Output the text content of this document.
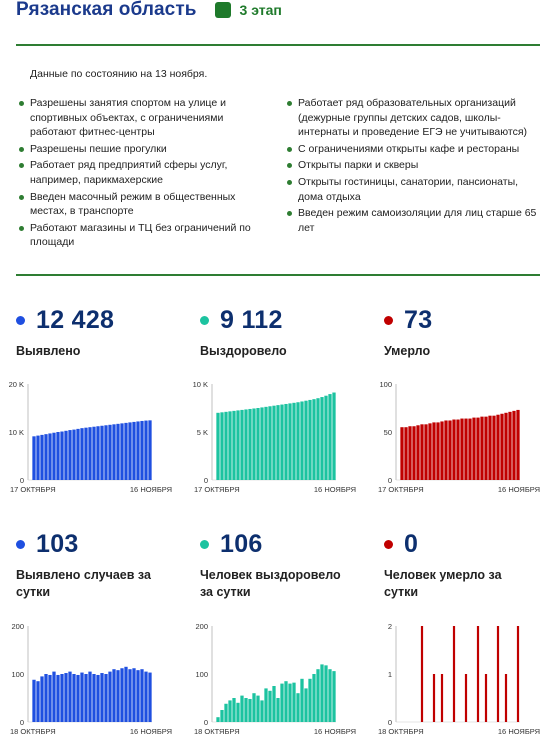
Рязанская область	3 этап
Данные по состоянию на 13 ноября.
Разрешены занятия спортом на улице и спортивных объектах, с ограничениями работают фитнес-центры
Разрешены пешие прогулки
Работает ряд предприятий сферы услуг, например, парикмахерские
Введен масочный режим в общественных местах, в транспорте
Работают магазины и ТЦ без ограничений по площади
Работает ряд образовательных организаций (дежурные группы детских садов, школы-интернаты и проведение ЕГЭ не учитываются)
С ограничениями открыты кафе и рестораны
Открыты парки и скверы
Открыты гостиницы, санатории, пансионаты, дома отдыха
Введен режим самоизоляции для лиц старше 65 лет
12 428
Выявлено
9 112
Выздоровело
73
Умерло
103
Выявлено случаев за сутки
106
Человек выздоровело за сутки
0
Человек умерло за сутки
20 K
10 K
0
17 ОКТЯБРЯ	16 НОЯБРЯ
10 K
5 K
0
17 ОКТЯБРЯ	16 НОЯБРЯ
100
50
0
17 ОКТЯБРЯ	16 НОЯБРЯ
200
100
0
18 ОКТЯБРЯ	16 НОЯБРЯ
200
100
0
18 ОКТЯБРЯ	16 НОЯБРЯ
2
1
0
18 ОКТЯБРЯ	16 НОЯБРЯ
